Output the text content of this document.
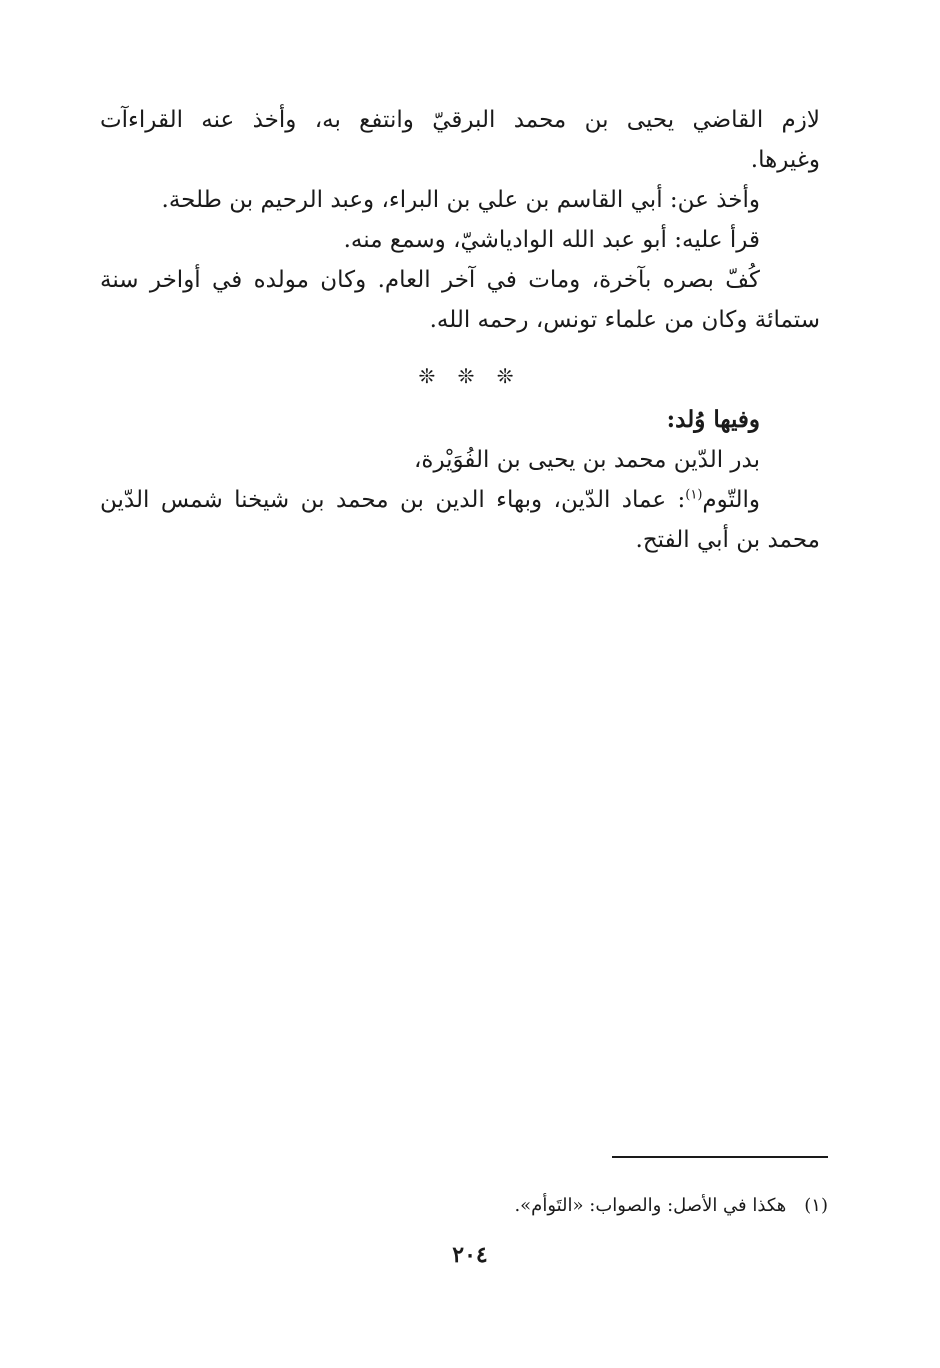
لازم القاضي يحيى بن محمد البرقيّ وانتفع به، وأخذ عنه القراءآت
وغيرها.
وأخذ عن: أبي القاسم بن علي بن البراء، وعبد الرحيم بن طلحة.
قرأ عليه: أبو عبد الله الوادياشيّ، وسمع منه.
كُفّ بصره بآخرة، ومات في آخر العام. وكان مولده في أواخر سنة
ستمائة وكان من علماء تونس، رحمه الله.
❊ ❊ ❊
وفيها وُلد:
بدر الدّين محمد بن يحيى بن الفُوَيْرة،
والتّوم$^{(١)}$: عماد الدّين، وبهاء الدين بن محمد بن شيخنا شمس الدّين
محمد بن أبي الفتح.
(١)هكذا في الأصل: والصواب: «التَوأم».
٢٠٤
